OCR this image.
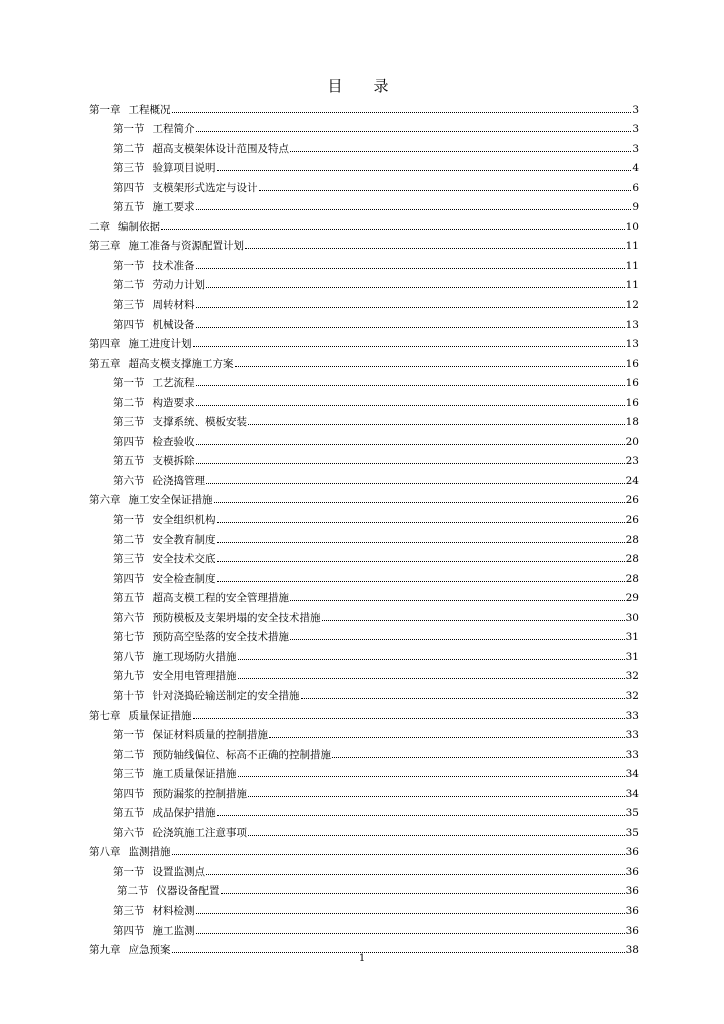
目　录
第一章 工程概况	3
第一节 工程简介	3
第二节 超高支模架体设计范围及特点	3
第三节 验算项目说明	4
第四节 支模架形式选定与设计	6
第五节 施工要求	9
二章 编制依据	10
第三章 施工准备与资源配置计划	11
第一节 技术准备	11
第二节 劳动力计划	11
第三节 周转材料	12
第四节 机械设备	13
第四章 施工进度计划	13
第五章 超高支模支撑施工方案	16
第一节 工艺流程	16
第二节 构造要求	16
第三节 支撑系统、模板安装	18
第四节 检查验收	20
第五节 支模拆除	23
第六节 砼浇捣管理	24
第六章 施工安全保证措施	26
第一节 安全组织机构	26
第二节 安全教育制度	28
第三节 安全技术交底	28
第四节 安全检查制度	28
第五节 超高支模工程的安全管理措施	29
第六节 预防模板及支架坍塌的安全技术措施	30
第七节 预防高空坠落的安全技术措施	31
第八节 施工现场防火措施	31
第九节 安全用电管理措施	32
第十节 针对浇捣砼输送制定的安全措施	32
第七章 质量保证措施	33
第一节 保证材料质量的控制措施	33
第二节 预防轴线偏位、标高不正确的控制措施	33
第三节 施工质量保证措施	34
第四节 预防漏浆的控制措施	34
第五节 成品保护措施	35
第六节 砼浇筑施工注意事项	35
第八章 监测措施	36
第一节 设置监测点	36
第二节 仪器设备配置	36
第三节 材料检测	36
第四节 施工监测	36
第九章 应急预案	38
1
